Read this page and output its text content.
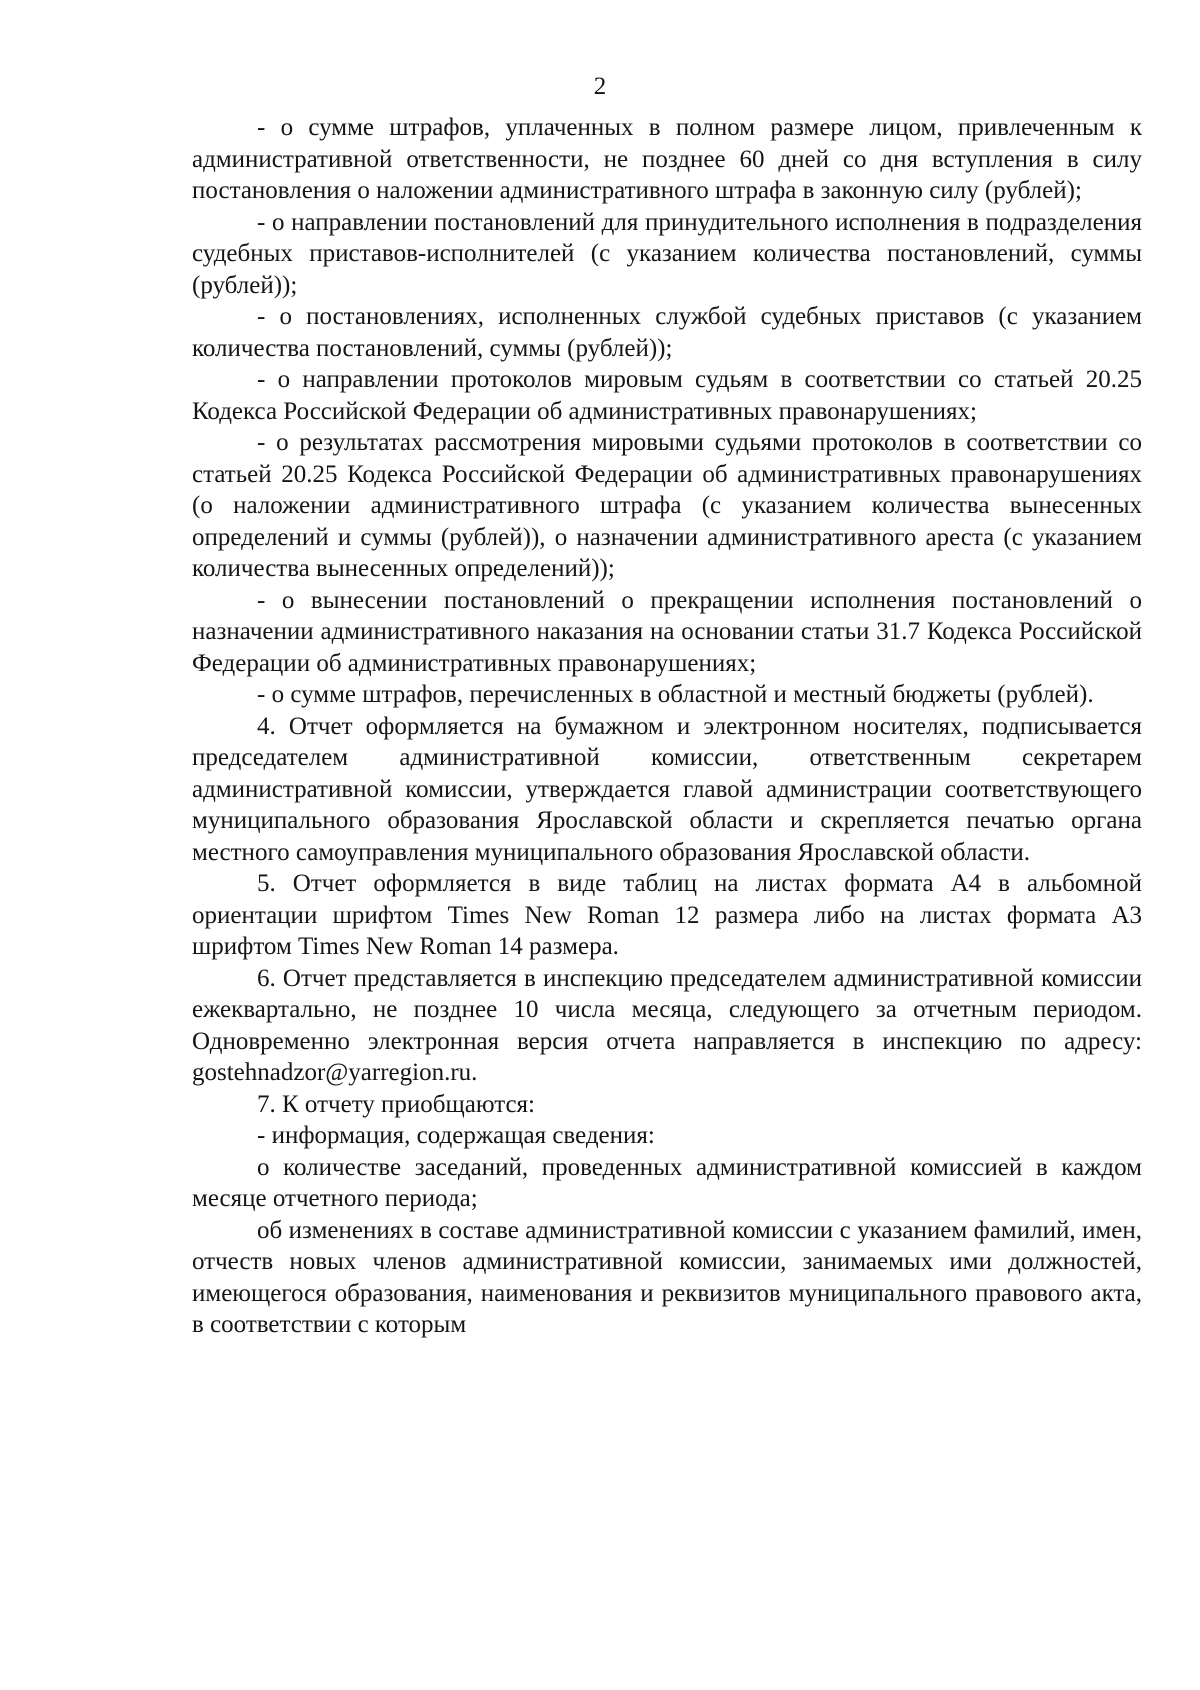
2

- о сумме штрафов, уплаченных в полном размере лицом, привлеченным к административной ответственности, не позднее 60 дней со дня вступления в силу постановления о наложении административного штрафа в законную силу (рублей);

- о направлении постановлений для принудительного исполнения в подразделения судебных приставов-исполнителей (с указанием количества постановлений, суммы (рублей));

- о постановлениях, исполненных службой судебных приставов (с указанием количества постановлений, суммы (рублей));

- о направлении протоколов мировым судьям в соответствии со статьей 20.25 Кодекса Российской Федерации об административных правонарушениях;

- о результатах рассмотрения мировыми судьями протоколов в соответствии со статьей 20.25 Кодекса Российской Федерации об административных правонарушениях (о наложении административного штрафа (с указанием количества вынесенных определений и суммы (рублей)), о назначении административного ареста (с указанием количества вынесенных определений));

- о вынесении постановлений о прекращении исполнения постановлений о назначении административного наказания на основании статьи 31.7 Кодекса Российской Федерации об административных правонарушениях;

- о сумме штрафов, перечисленных в областной и местный бюджеты (рублей).

4. Отчет оформляется на бумажном и электронном носителях, подписывается председателем административной комиссии, ответственным секретарем административной комиссии, утверждается главой администрации соответствующего муниципального образования Ярославской области и скрепляется печатью органа местного самоуправления муниципального образования Ярославской области.

5. Отчет оформляется в виде таблиц на листах формата А4 в альбомной ориентации шрифтом Times New Roman 12 размера либо на листах формата А3 шрифтом Times New Roman 14 размера.

6. Отчет представляется в инспекцию председателем административной комиссии ежеквартально, не позднее 10 числа месяца, следующего за отчетным периодом. Одновременно электронная версия отчета направляется в инспекцию по адресу: gostehnadzor@yarregion.ru.

7. К отчету приобщаются:

- информация, содержащая сведения:

о количестве заседаний, проведенных административной комиссией в каждом месяце отчетного периода;

об изменениях в составе административной комиссии с указанием фамилий, имен, отчеств новых членов административной комиссии, занимаемых ими должностей, имеющегося образования, наименования и реквизитов муниципального правового акта, в соответствии с которым
